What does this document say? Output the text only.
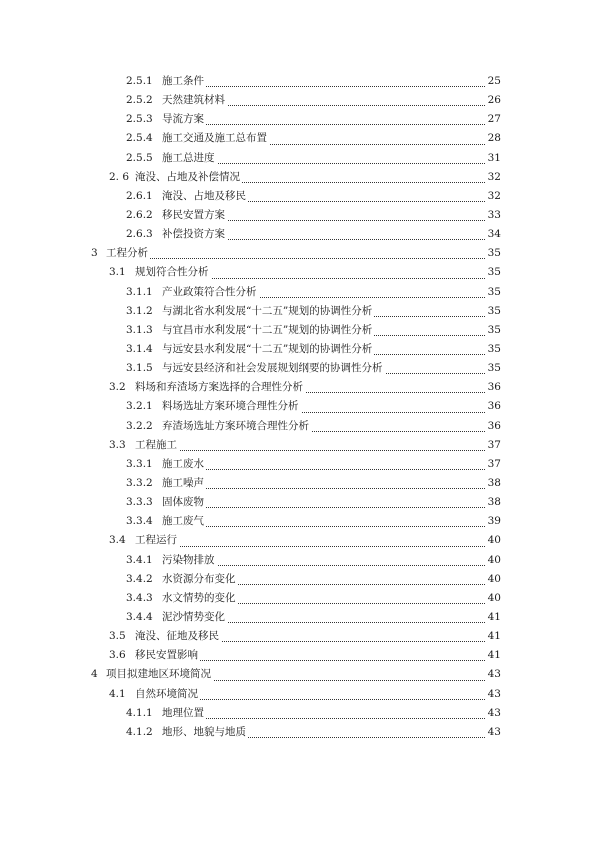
2.5.1 施工条件	25
2.5.2 天然建筑材料	26
2.5.3 导流方案	27
2.5.4 施工交通及施工总布置	28
2.5.5 施工总进度	31
2. 6 淹没、占地及补偿情况	32
2.6.1 淹没、占地及移民	32
2.6.2 移民安置方案	33
2.6.3 补偿投资方案	34
3 工程分析	35
3.1 规划符合性分析	35
3.1.1 产业政策符合性分析	35
3.1.2 与湖北省水利发展“十二五”规划的协调性分析	35
3.1.3 与宜昌市水利发展“十二五”规划的协调性分析	35
3.1.4 与远安县水利发展“十二五”规划的协调性分析	35
3.1.5 与远安县经济和社会发展规划纲要的协调性分析	35
3.2 料场和弃渣场方案选择的合理性分析	36
3.2.1 料场选址方案环境合理性分析	36
3.2.2 弃渣场选址方案环境合理性分析	36
3.3 工程施工	37
3.3.1 施工废水	37
3.3.2 施工噪声	38
3.3.3 固体废物	38
3.3.4 施工废气	39
3.4 工程运行	40
3.4.1 污染物排放	40
3.4.2 水资源分布变化	40
3.4.3 水文情势的变化	40
3.4.4 泥沙情势变化	41
3.5 淹没、征地及移民	41
3.6 移民安置影响	41
4 项目拟建地区环境简况	43
4.1 自然环境简况	43
4.1.1 地理位置	43
4.1.2 地形、地貌与地质	43
